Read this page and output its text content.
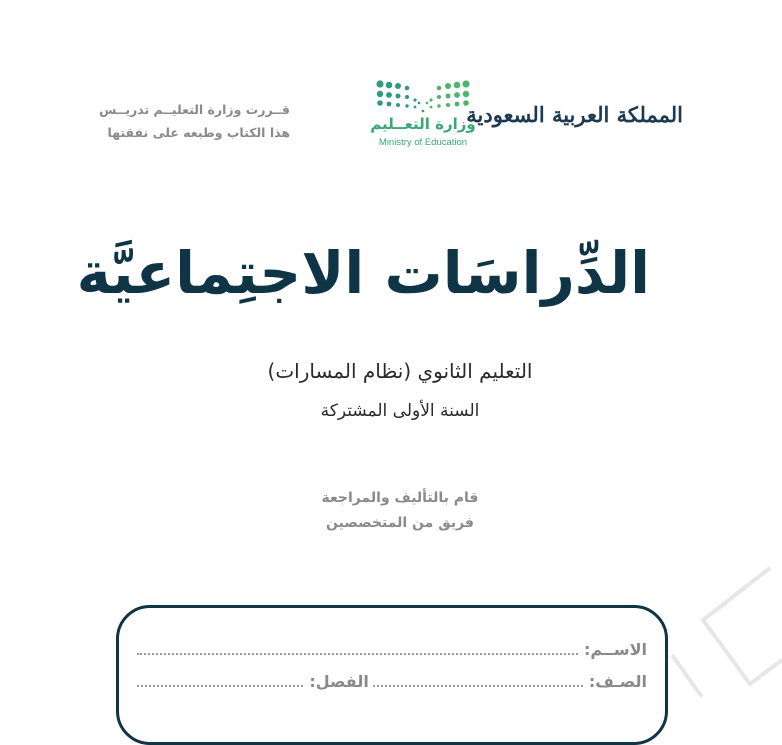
قــررت وزارة التعليــم تدريــس
هذا الكتاب وطبعه على نفقتها	وزارة التعــليم
Ministry of Education
المملكة العربية السعودية
الدِّراسَات الاجتِماعيَّة
التعليم الثانوي (نظام المسارات)
السنة الأولى المشتركة
قام بالتأليف والمراجعة
فريق من المتخصصين
الاســم:
الصـف:
الفصل:
